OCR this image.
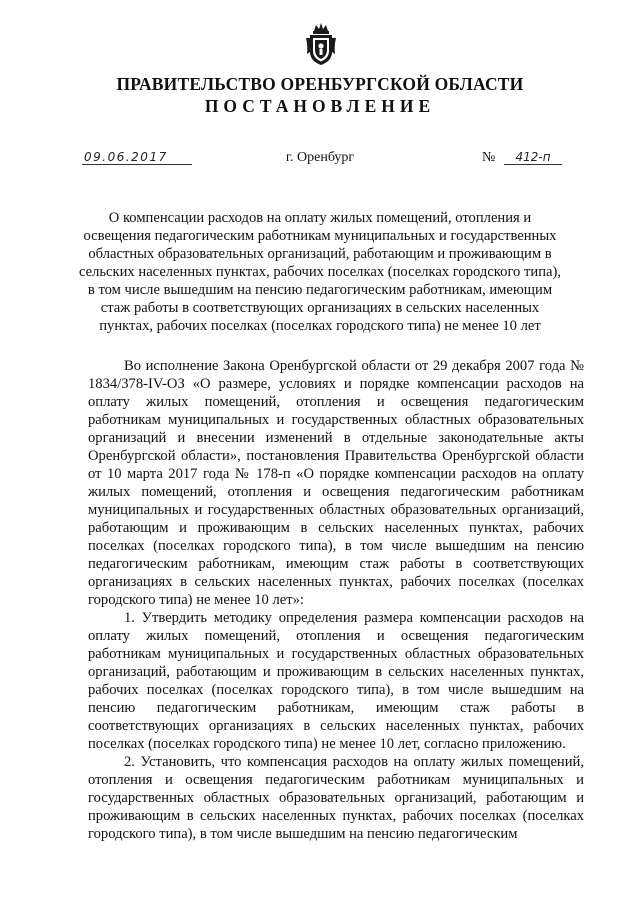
ПРАВИТЕЛЬСТВО ОРЕНБУРГСКОЙ ОБЛАСТИ
ПОСТАНОВЛЕНИЕ
09.06.2017	г. Оренбург	№	412-п
О компенсации расходов на оплату жилых помещений, отопления и
освещения педагогическим работникам муниципальных и государственных
областных образовательных организаций, работающим и проживающим в
сельских населенных пунктах, рабочих поселках (поселках городского типа),
в том числе вышедшим на пенсию педагогическим работникам, имеющим
стаж работы в соответствующих организациях в сельских населенных
пунктах, рабочих поселках (поселках городского типа) не менее 10 лет

Во исполнение Закона Оренбургской области от 29 декабря 2007 года № 1834/378-IV-ОЗ «О размере, условиях и порядке компенсации расходов на оплату жилых помещений, отопления и освещения педагогическим работникам муниципальных и государственных областных образовательных организаций и внесении изменений в отдельные законодательные акты Оренбургской области», постановления Правительства Оренбургской области от 10 марта 2017 года № 178-п «О порядке компенсации расходов на оплату жилых помещений, отопления и освещения педагогическим работникам муниципальных и государственных областных образовательных организаций, работающим и проживающим в сельских населенных пунктах, рабочих поселках (поселках городского типа), в том числе вышедшим на пенсию педагогическим работникам, имеющим стаж работы в соответствующих организациях в сельских населенных пунктах, рабочих поселках (поселках городского типа) не менее 10 лет»:

1. Утвердить методику определения размера компенсации расходов на оплату жилых помещений, отопления и освещения педагогическим работникам муниципальных и государственных областных образовательных организаций, работающим и проживающим в сельских населенных пунктах, рабочих поселках (поселках городского типа), в том числе вышедшим на пенсию педагогическим работникам, имеющим стаж работы в соответствующих организациях в сельских населенных пунктах, рабочих поселках (поселках городского типа) не менее 10 лет, согласно приложению.

2. Установить, что компенсация расходов на оплату жилых помещений, отопления и освещения педагогическим работникам муниципальных и государственных областных образовательных организаций, работающим и проживающим в сельских населенных пунктах, рабочих поселках (поселках городского типа), в том числе вышедшим на пенсию педагогическим
